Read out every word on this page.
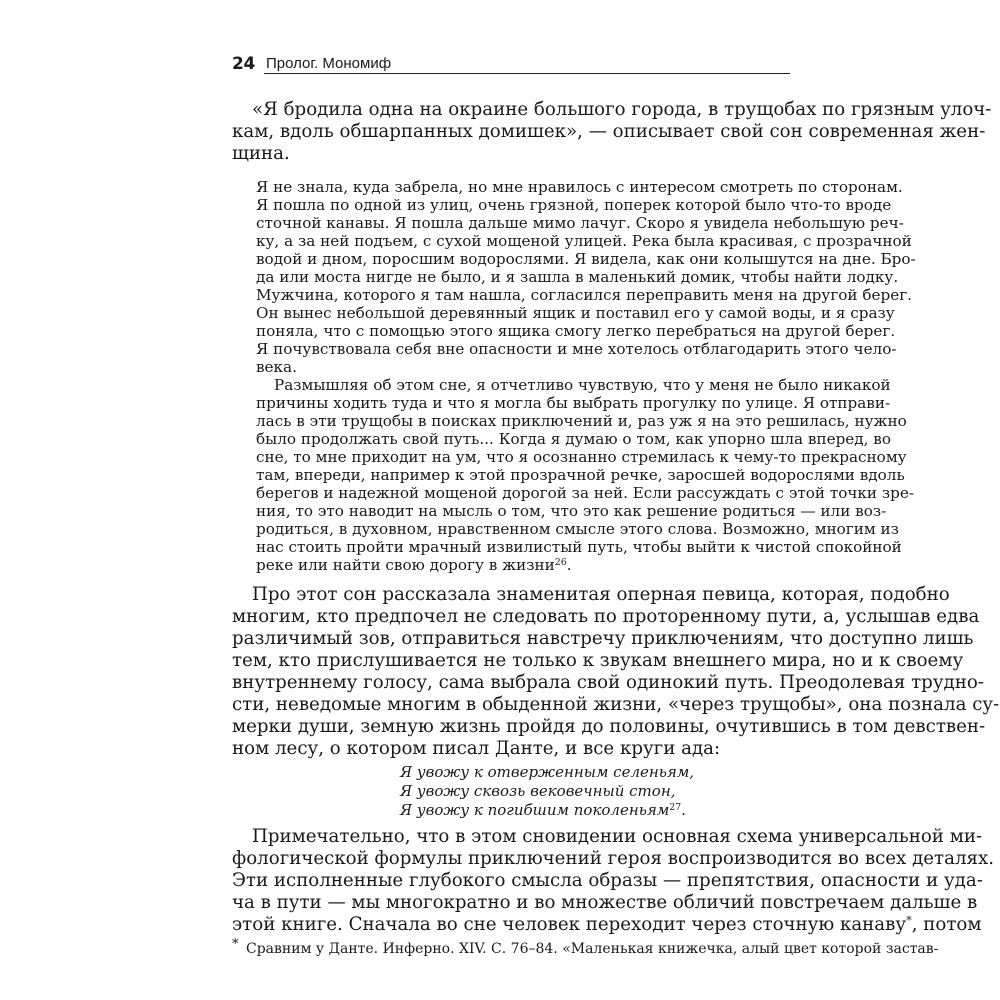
24 Пролог. Мономиф
«Я бродила одна на окраине большого города, в трущобах по грязным улоч-
кам, вдоль обшарпанных домишек», — описывает свой сон современная жен-
щина.
Я не знала, куда забрела, но мне нравилось с интересом смотреть по сторонам.
Я пошла по одной из улиц, очень грязной, поперек которой было что-то вроде
сточной канавы. Я пошла дальше мимо лачуг. Скоро я увидела небольшую реч-
ку, а за ней подъем, с сухой мощеной улицей. Река была красивая, с прозрачной
водой и дном, поросшим водорослями. Я видела, как они колышутся на дне. Бро-
да или моста нигде не было, и я зашла в маленький домик, чтобы найти лодку.
Мужчина, которого я там нашла, согласился переправить меня на другой берег.
Он вынес небольшой деревянный ящик и поставил его у самой воды, и я сразу
поняла, что с помощью этого ящика смогу легко перебраться на другой берег.
Я почувствовала себя вне опасности и мне хотелось отблагодарить этого чело-
века.
Размышляя об этом сне, я отчетливо чувствую, что у меня не было никакой
причины ходить туда и что я могла бы выбрать прогулку по улице. Я отправи-
лась в эти трущобы в поисках приключений и, раз уж я на это решилась, нужно
было продолжать свой путь... Когда я думаю о том, как упорно шла вперед, во
сне, то мне приходит на ум, что я осознанно стремилась к чему-то прекрасному
там, впереди, например к этой прозрачной речке, заросшей водорослями вдоль
берегов и надежной мощеной дорогой за ней. Если рассуждать с этой точки зре-
ния, то это наводит на мысль о том, что это как решение родиться — или воз-
родиться, в духовном, нравственном смысле этого слова. Возможно, многим из
нас стоить пройти мрачный извилистый путь, чтобы выйти к чистой спокойной
реке или найти свою дорогу в жизни$^{26}$.
Про этот сон рассказала знаменитая оперная певица, которая, подобно
многим, кто предпочел не следовать по проторенному пути, а, услышав едва
различимый зов, отправиться навстречу приключениям, что доступно лишь
тем, кто прислушивается не только к звукам внешнего мира, но и к своему
внутреннему голосу, сама выбрала свой одинокий путь. Преодолевая трудно-
сти, неведомые многим в обыденной жизни, «через трущобы», она познала су-
мерки души, земную жизнь пройдя до половины, очутившись в том девствен-
ном лесу, о котором писал Данте, и все круги ада:
Я увожу к отверженным селеньям,
Я увожу сквозь вековечный стон,
Я увожу к погибшим поколеньям$^{27}$.
Примечательно, что в этом сновидении основная схема универсальной ми-
фологической формулы приключений героя воспроизводится во всех деталях.
Эти исполненные глубокого смысла образы — препятствия, опасности и уда-
ча в пути — мы многократно и во множестве обличий повстречаем дальше в
этой книге. Сначала во сне человек переходит через сточную канаву*, потом
* Сравним у Данте. Инферно. XIV. С. 76–84. «Маленькая книжечка, алый цвет которой застав-
